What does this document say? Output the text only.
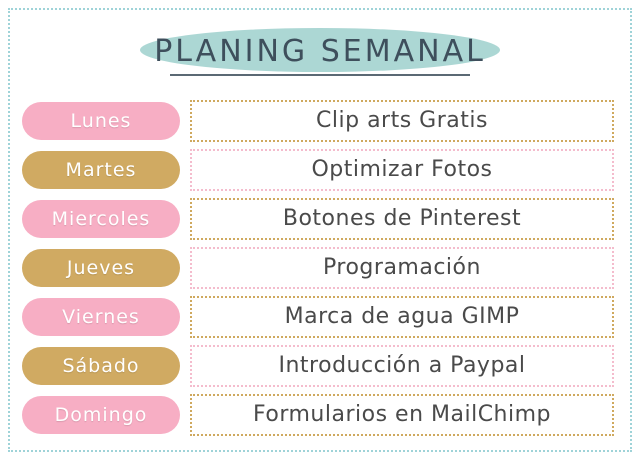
PLANING SEMANAL
Lunes	Clip arts Gratis
Martes	Optimizar Fotos
Miercoles	Botones de Pinterest
Jueves	Programación
Viernes	Marca de agua GIMP
Sábado	Introducción a Paypal
Domingo	Formularios en MailChimp
